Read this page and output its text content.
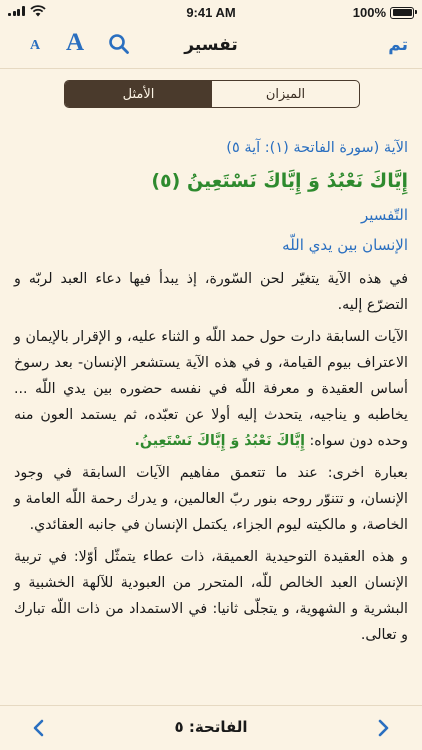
9:41 AM	100%
A A	تفسير	تم
الأمثل	الميزان

الآية (سورة الفاتحة (١): آية ٥)

إِيَّاكَ نَعْبُدُ وَ إِيَّاكَ نَسْتَعِينُ (٥)

التّفسير

الإنسان بين يدي اللّه

في هذه الآية يتغيّر لحن السّورة، إذ يبدأ فيها دعاء العبد لربّه و التضرّع إليه.

الآيات السابقة دارت حول حمد اللّه و الثناء عليه، و الإقرار بالإيمان و الاعتراف بيوم القيامة، و في هذه الآية يستشعر الإنسان- بعد رسوخ أساس العقيدة و معرفة اللّه في نفسه حضوره بين يدي اللّه ... يخاطبه و يناجيه، يتحدث إليه أولا عن تعبّده، ثم يستمد العون منه وحده دون سواه: إِيَّاكَ نَعْبُدُ وَ إِيَّاكَ نَسْتَعِينُ.

بعبارة اخرى: عند ما تتعمق مفاهيم الآيات السابقة في وجود الإنسان، و تتنوّر روحه بنور ربّ العالمين، و يدرك رحمة اللّه العامة و الخاصة، و مالكيته ليوم الجزاء، يكتمل الإنسان في جانبه العقائدي.

و هذه العقيدة التوحيدية العميقة، ذات عطاء يتمثّل أوّلا: في تربية الإنسان العبد الخالص للّه، المتحرر من العبودية للآلهة الخشبية و البشرية و الشهوية، و يتجلّى ثانيا: في الاستمداد من ذات اللّه تبارك و تعالى.

الفاتحة: ٥
